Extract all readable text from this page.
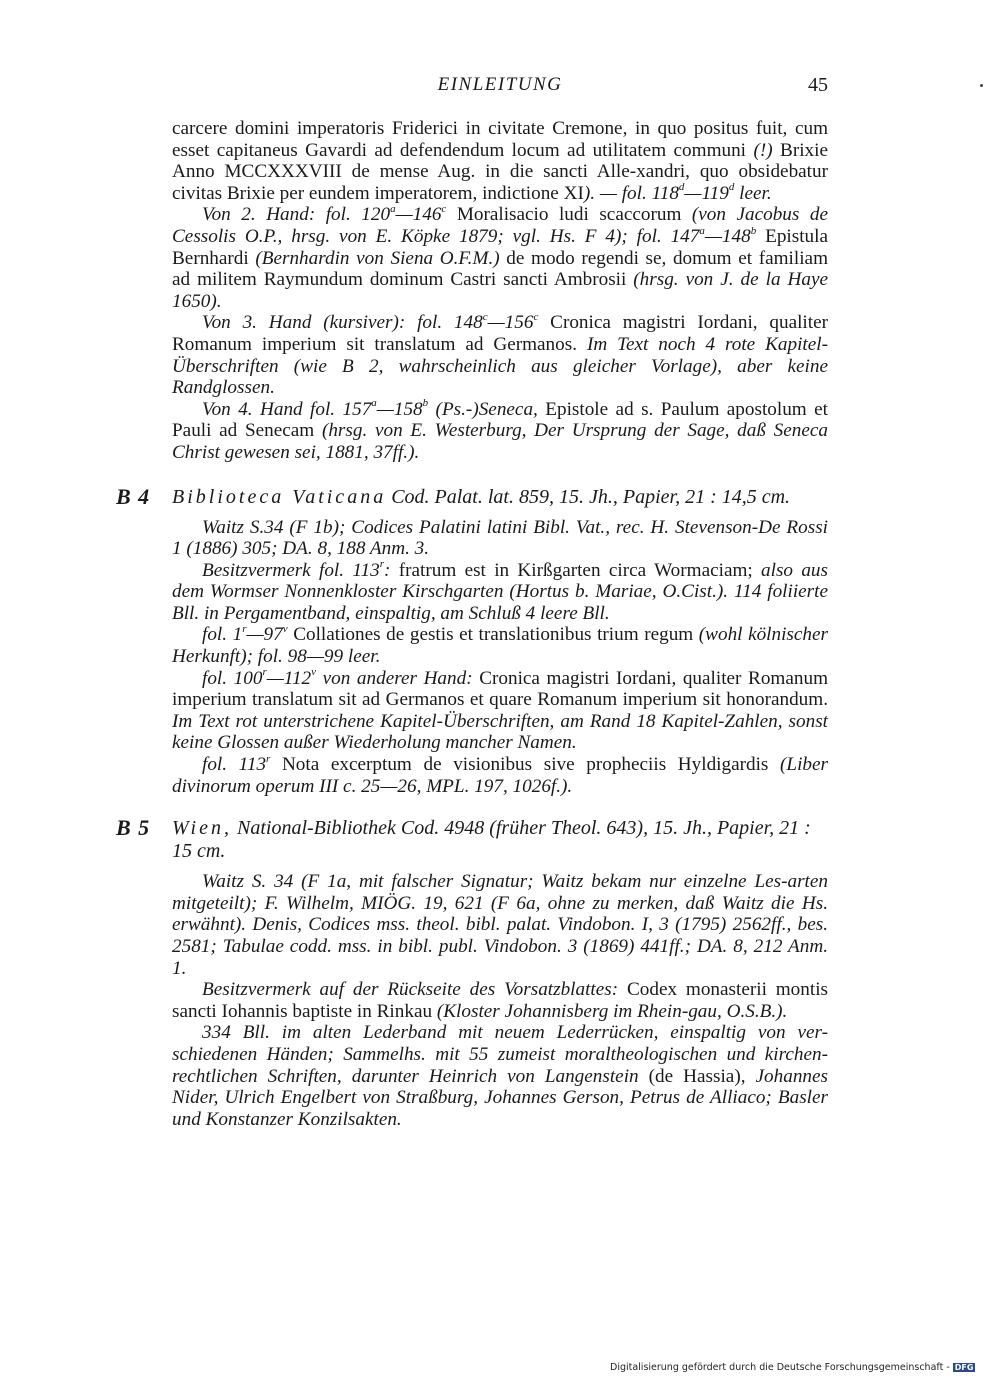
EINLEITUNG	45

carcere domini imperatoris Friderici in civitate Cremone, in quo positus fuit, cum esset capitaneus Gavardi ad defendendum locum ad utilitatem communi (!) Brixie Anno MCCXXXVIII de mense Aug. in die sancti Alle-xandri, quo obsidebatur civitas Brixie per eundem imperatorem, indictione XI). — fol. 118$^d$—119$^d$ leer.

Von 2. Hand: fol. 120$^a$—146$^c$ Moralisacio ludi scaccorum (von Jacobus de Cessolis O.P., hrsg. von E. Köpke 1879; vgl. Hs. F 4); fol. 147$^a$—148$^b$ Epistula Bernhardi (Bernhardin von Siena O.F.M.) de modo regendi se, domum et familiam ad militem Raymundum dominum Castri sancti Ambrosii (hrsg. von J. de la Haye 1650).

Von 3. Hand (kursiver): fol. 148$^c$—156$^c$ Cronica magistri Iordani, qualiter Romanum imperium sit translatum ad Germanos. Im Text noch 4 rote Kapitel-Überschriften (wie B 2, wahrscheinlich aus gleicher Vorlage), aber keine Randglossen.

Von 4. Hand fol. 157$^a$—158$^b$ (Ps.-)Seneca, Epistole ad s. Paulum apostolum et Pauli ad Senecam (hrsg. von E. Westerburg, Der Ursprung der Sage, daß Seneca Christ gewesen sei, 1881, 37ff.).

B 4 Biblioteca Vaticana Cod. Palat. lat. 859, 15. Jh., Papier, 21 : 14,5 cm.

Waitz S.34 (F 1b); Codices Palatini latini Bibl. Vat., rec. H. Stevenson-De Rossi 1 (1886) 305; DA. 8, 188 Anm. 3.

Besitzvermerk fol. 113$^r$: fratrum est in Kirßgarten circa Wormaciam; also aus dem Wormser Nonnenkloster Kirschgarten (Hortus b. Mariae, O.Cist.). 114 foliierte Bll. in Pergamentband, einspaltig, am Schluß 4 leere Bll.

fol. 1$^r$—97$^v$ Collationes de gestis et translationibus trium regum (wohl kölnischer Herkunft); fol. 98—99 leer.

fol. 100$^r$—112$^v$ von anderer Hand: Cronica magistri Iordani, qualiter Romanum imperium translatum sit ad Germanos et quare Romanum imperium sit honorandum. Im Text rot unterstrichene Kapitel-Überschriften, am Rand 18 Kapitel-Zahlen, sonst keine Glossen außer Wiederholung mancher Namen.

fol. 113$^r$ Nota excerptum de visionibus sive propheciis Hyldigardis (Liber divinorum operum III c. 25—26, MPL. 197, 1026f.).

B 5 Wien, National-Bibliothek Cod. 4948 (früher Theol. 643), 15. Jh., Papier, 21 : 15 cm.

Waitz S. 34 (F 1a, mit falscher Signatur; Waitz bekam nur einzelne Les-arten mitgeteilt); F. Wilhelm, MIÖG. 19, 621 (F 6a, ohne zu merken, daß Waitz die Hs. erwähnt). Denis, Codices mss. theol. bibl. palat. Vindobon. I, 3 (1795) 2562ff., bes. 2581; Tabulae codd. mss. in bibl. publ. Vindobon. 3 (1869) 441ff.; DA. 8, 212 Anm. 1.

Besitzvermerk auf der Rückseite des Vorsatzblattes: Codex monasterii montis sancti Iohannis baptiste in Rinkau (Kloster Johannisberg im Rhein-gau, O.S.B.).

334 Bll. im alten Lederband mit neuem Lederrücken, einspaltig von ver-schiedenen Händen; Sammelhs. mit 55 zumeist moraltheologischen und kirchen-rechtlichen Schriften, darunter Heinrich von Langenstein (de Hassia), Johannes Nider, Ulrich Engelbert von Straßburg, Johannes Gerson, Petrus de Alliaco; Basler und Konstanzer Konzilsakten.

Digitalisierung gefördert durch die Deutsche Forschungsgemeinschaft - DFG
